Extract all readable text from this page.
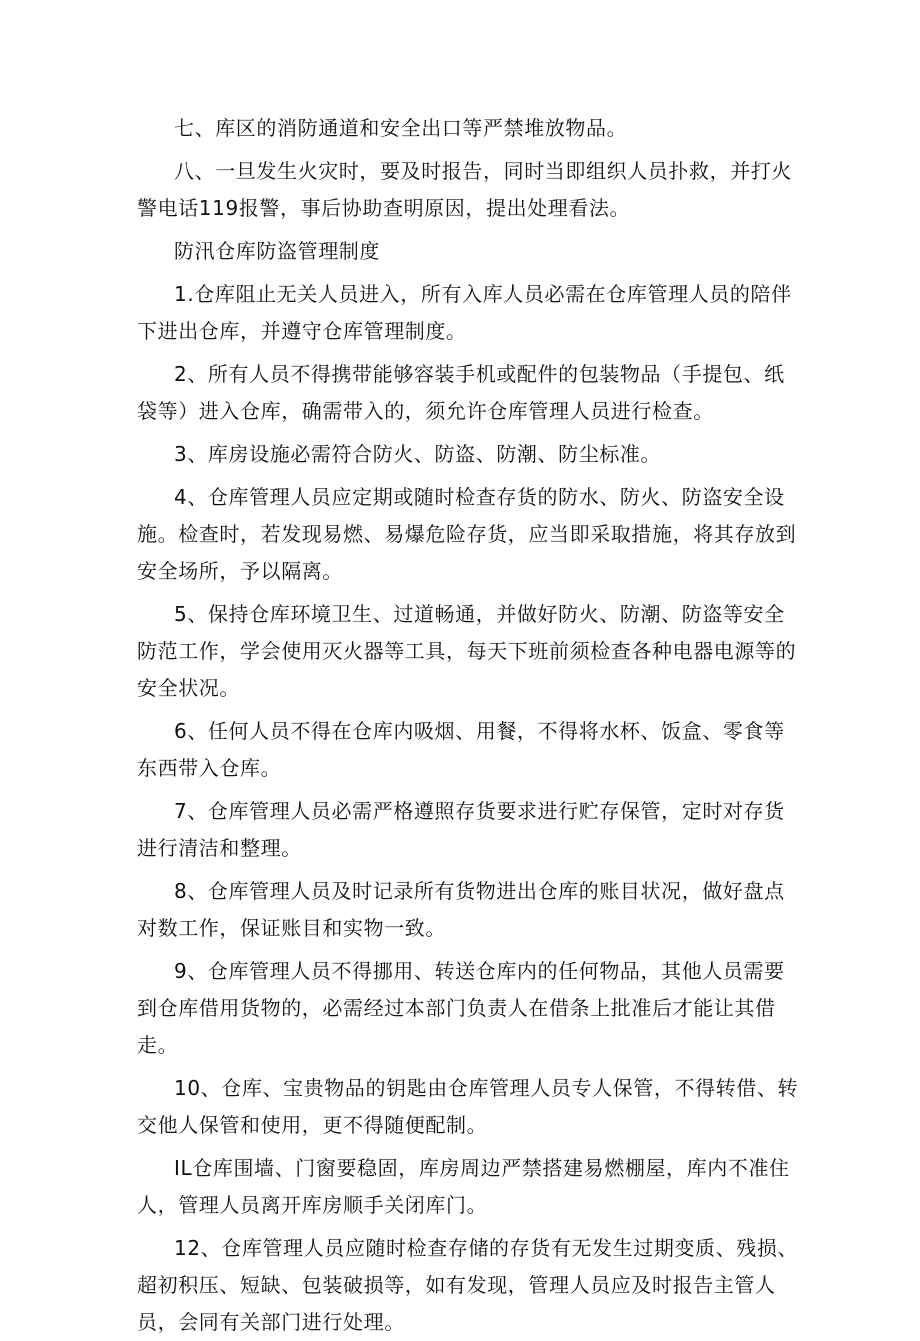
七、库区的消防通道和安全出口等严禁堆放物品。

八、一旦发生火灾时，要及时报告，同时当即组织人员扑救，并打火警电话119报警，事后协助查明原因，提出处理看法。

防汛仓库防盗管理制度

1.仓库阻止无关人员进入，所有入库人员必需在仓库管理人员的陪伴下进出仓库，并遵守仓库管理制度。

2、所有人员不得携带能够容装手机或配件的包装物品（手提包、纸袋等）进入仓库，确需带入的，须允许仓库管理人员进行检查。

3、库房设施必需符合防火、防盗、防潮、防尘标准。

4、仓库管理人员应定期或随时检查存货的防水、防火、防盗安全设施。检查时，若发现易燃、易爆危险存货，应当即采取措施，将其存放到安全场所，予以隔离。

5、保持仓库环境卫生、过道畅通，并做好防火、防潮、防盗等安全防范工作，学会使用灭火器等工具，每天下班前须检查各种电器电源等的安全状况。

6、任何人员不得在仓库内吸烟、用餐，不得将水杯、饭盒、零食等东西带入仓库。

7、仓库管理人员必需严格遵照存货要求进行贮存保管，定时对存货进行清洁和整理。

8、仓库管理人员及时记录所有货物进出仓库的账目状况，做好盘点对数工作，保证账目和实物一致。

9、仓库管理人员不得挪用、转送仓库内的任何物品，其他人员需要到仓库借用货物的，必需经过本部门负责人在借条上批准后才能让其借走。

10、仓库、宝贵物品的钥匙由仓库管理人员专人保管，不得转借、转交他人保管和使用，更不得随便配制。

IL仓库围墙、门窗要稳固，库房周边严禁搭建易燃棚屋，库内不准住人，管理人员离开库房顺手关闭库门。

12、仓库管理人员应随时检查存储的存货有无发生过期变质、残损、超初积压、短缺、包装破损等，如有发现，管理人员应及时报告主管人员，会同有关部门进行处理。
